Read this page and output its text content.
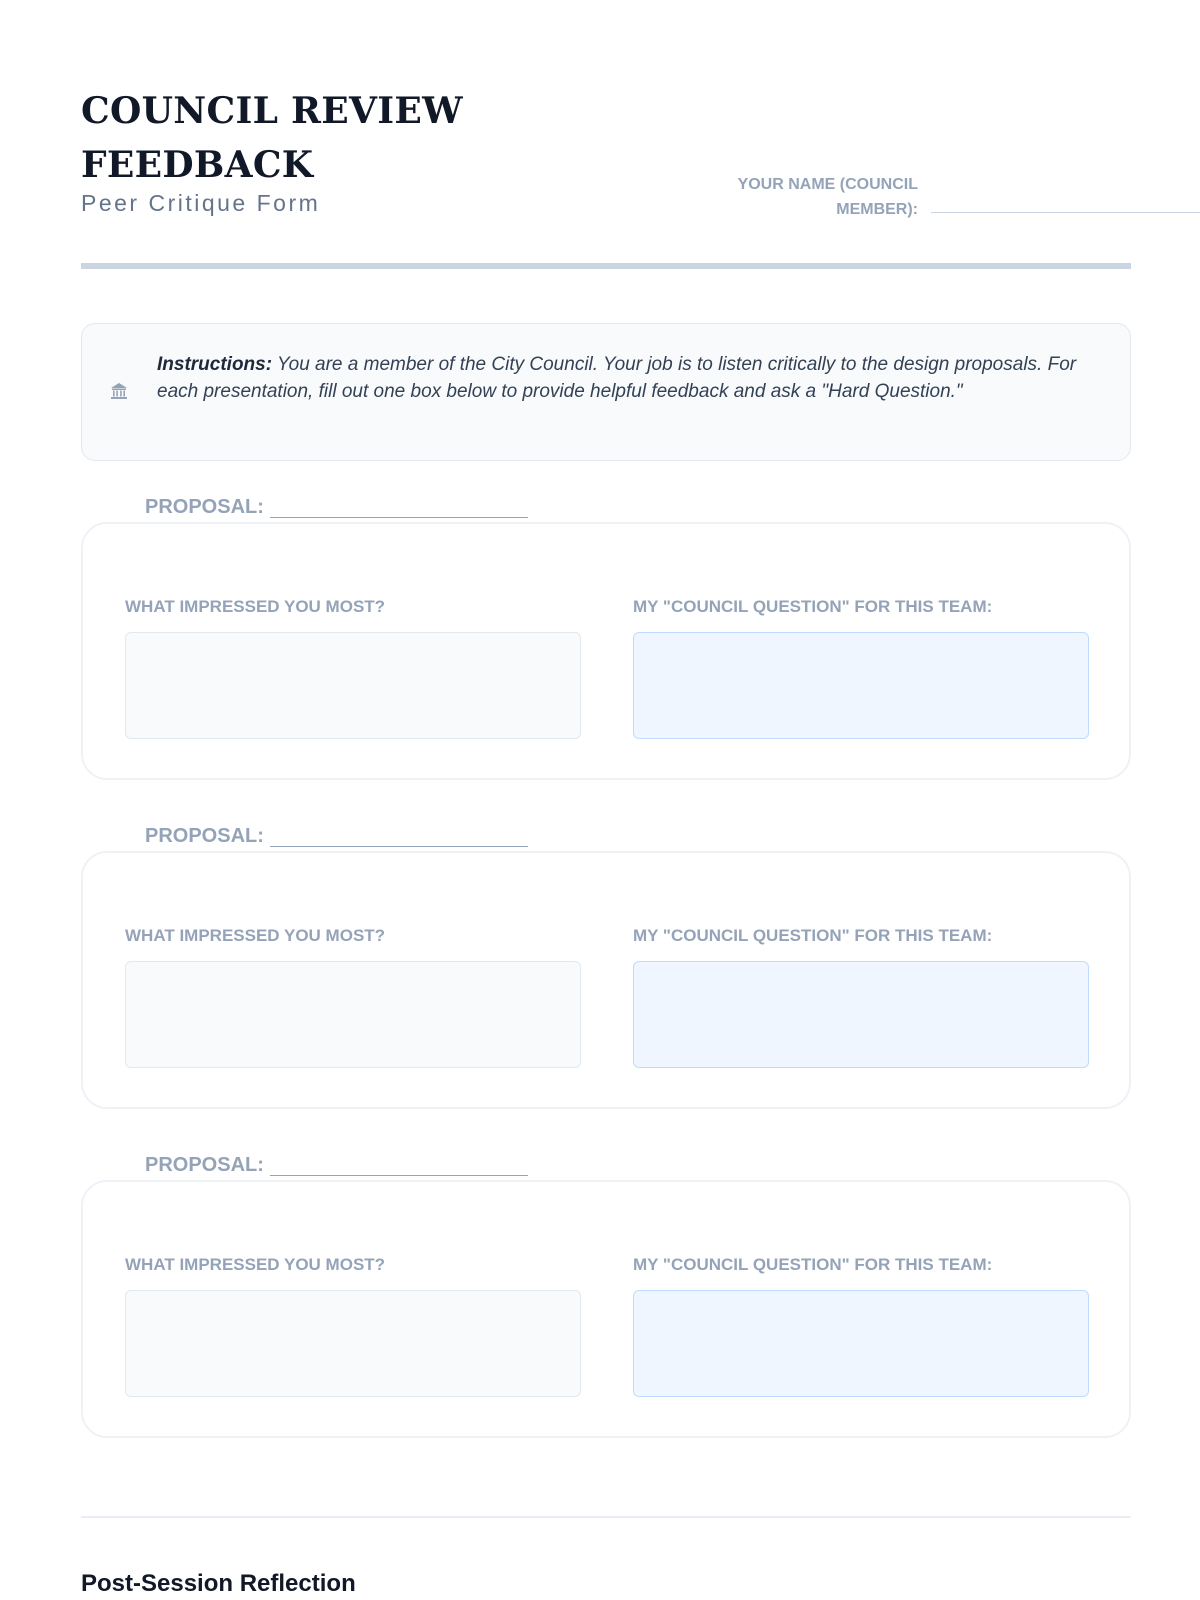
COUNCIL REVIEW
FEEDBACK
Peer Critique Form
YOUR NAME (COUNCIL
MEMBER):

Instructions: You are a member of the City Council. Your job is to listen critically to the design proposals. For each presentation, fill out one box below to provide helpful feedback and ask a "Hard Question."

PROPOSAL:
WHAT IMPRESSED YOU MOST?	MY "COUNCIL QUESTION" FOR THIS TEAM:
PROPOSAL:
WHAT IMPRESSED YOU MOST?	MY "COUNCIL QUESTION" FOR THIS TEAM:
PROPOSAL:
WHAT IMPRESSED YOU MOST?	MY "COUNCIL QUESTION" FOR THIS TEAM:
Post-Session Reflection
